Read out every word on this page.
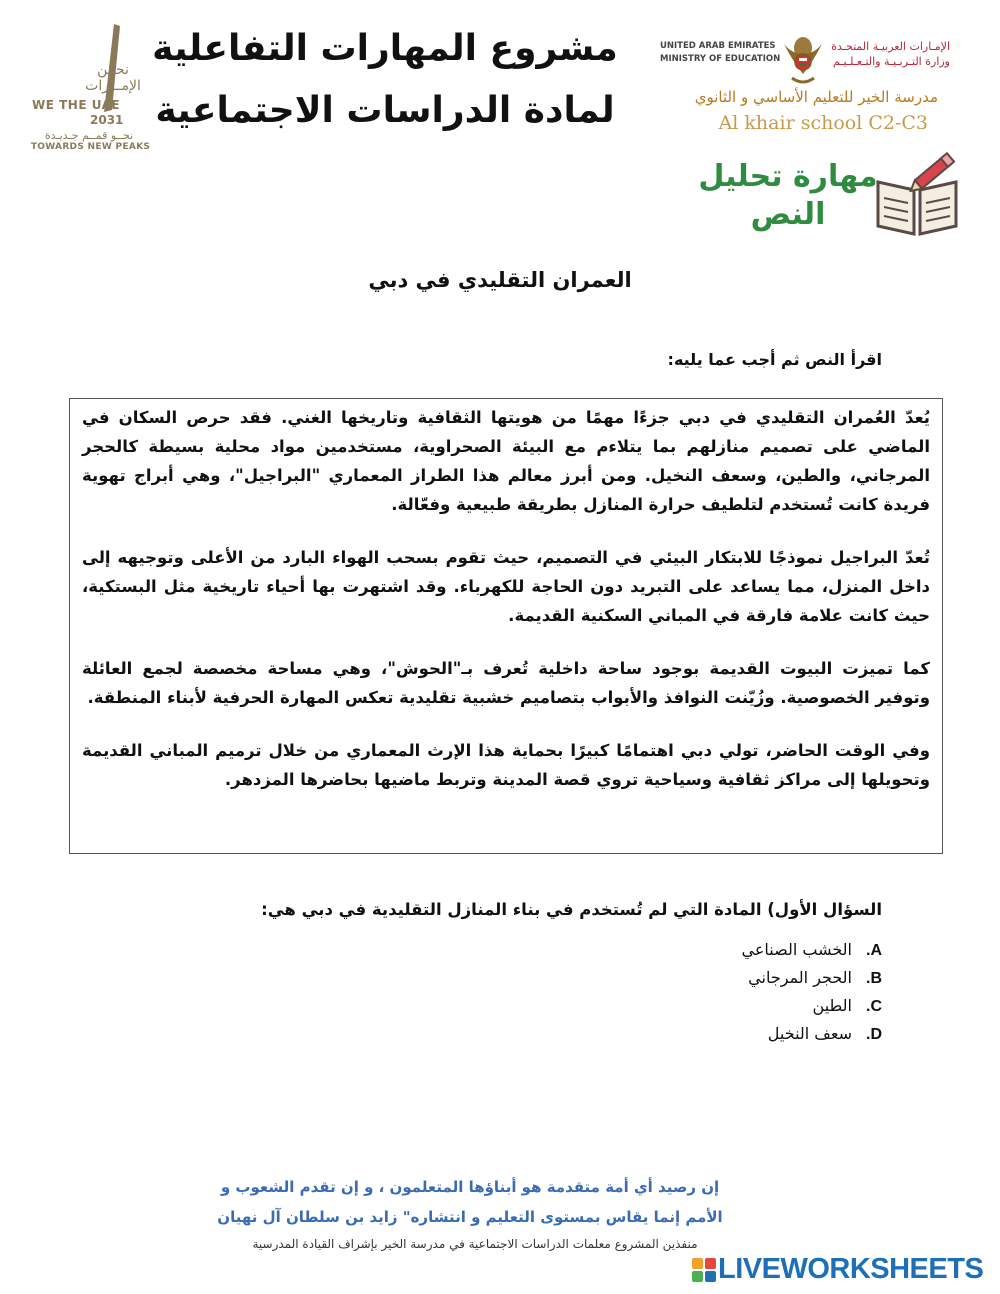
نحــن الإمــارات
WE THE UAE
2031
نحــو قمــم جـديـدة
TOWARDS NEW PEAKS
مشروع المهارات التفاعلية
لمادة الدراسات الاجتماعية
UNITED ARAB EMIRATES
MINISTRY OF EDUCATION
الإمـارات العربيـة المتحـدة
وزارة التـربـيـة والتـعـلـيـم
مدرسة الخير للتعليم الأساسي و الثانوي
Al khair school C2-C3
مهارة تحليل
النص
العمران التقليدي في دبي
اقرأ النص ثم أجب عما يليه:

يُعدّ العُمران التقليدي في دبي جزءًا مهمًا من هويتها الثقافية وتاريخها الغني. فقد حرص السكان في الماضي على تصميم منازلهم بما يتلاءم مع البيئة الصحراوية، مستخدمين مواد محلية بسيطة كالحجر المرجاني، والطين، وسعف النخيل. ومن أبرز معالم هذا الطراز المعماري "البراجيل"، وهي أبراج تهوية فريدة كانت تُستخدم لتلطيف حرارة المنازل بطريقة طبيعية وفعّالة.

تُعدّ البراجيل نموذجًا للابتكار البيئي في التصميم، حيث تقوم بسحب الهواء البارد من الأعلى وتوجيهه إلى داخل المنزل، مما يساعد على التبريد دون الحاجة للكهرباء. وقد اشتهرت بها أحياء تاريخية مثل البستكية، حيث كانت علامة فارقة في المباني السكنية القديمة.

كما تميزت البيوت القديمة بوجود ساحة داخلية تُعرف بـ"الحوش"، وهي مساحة مخصصة لجمع العائلة وتوفير الخصوصية. وزُيّنت النوافذ والأبواب بتصاميم خشبية تقليدية تعكس المهارة الحرفية لأبناء المنطقة.

وفي الوقت الحاضر، تولي دبي اهتمامًا كبيرًا بحماية هذا الإرث المعماري من خلال ترميم المباني القديمة وتحويلها إلى مراكز ثقافية وسياحية تروي قصة المدينة وتربط ماضيها بحاضرها المزدهر.

السؤال الأول) المادة التي لم تُستخدم في بناء المنازل التقليدية في دبي هي:
A.الخشب الصناعي
B.الحجر المرجاني
C.الطين
D.سعف النخيل
إن رصيد أي أمة متقدمة هو أبناؤها المتعلمون ، و إن تقدم الشعوب و
الأمم إنما يقاس بمستوى التعليم و انتشاره" زايد بن سلطان آل نهيان
منفذين المشروع معلمات الدراسات الاجتماعية في مدرسة الخير بإشراف القيادة المدرسية
LIVEWORKSHEETS
